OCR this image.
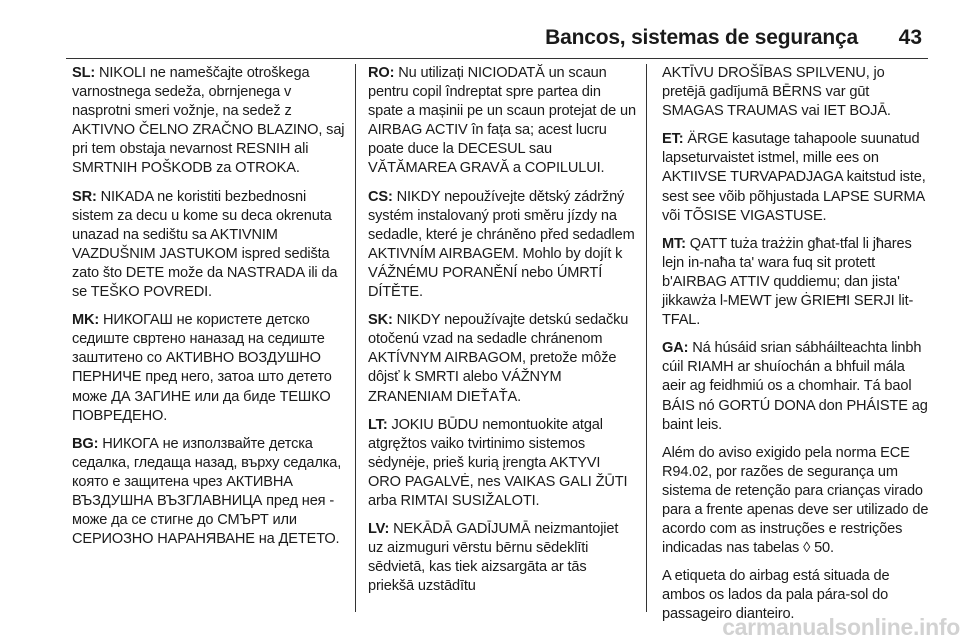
Bancos, sistemas de segurança 43

SL: NIKOLI ne nameščajte otroškega varnostnega sedeža, obrnjenega v nasprotni smeri vožnje, na sedež z AKTIVNO ČELNO ZRAČNO BLAZINO, saj pri tem obstaja nevarnost RESNIH ali SMRTNIH POŠKODB za OTROKA.

SR: NIKADA ne koristiti bezbednosni sistem za decu u kome su deca okrenuta unazad na sedištu sa AKTIVNIM VAZDUŠNIM JASTUKOM ispred sedišta zato što DETE može da NASTRADA ili da se TEŠKO POVREDI.

MK: НИКОГАШ не користете детско седиште свртено наназад на седиште заштитено со АКТИВНО ВОЗДУШНО ПЕРНИЧЕ пред него, затоа што детето може ДА ЗАГИНЕ или да биде ТЕШКО ПОВРЕДЕНО.

BG: НИКОГА не използвайте детска седалка, гледаща назад, върху седалка, която е защитена чрез АКТИВНА ВЪЗДУШНА ВЪЗГЛАВНИЦА пред нея - може да се стигне до СМЪРТ или СЕРИОЗНО НАРАНЯВАНЕ на ДЕТЕТО.

RO: Nu utilizați NICIODATĂ un scaun pentru copil îndreptat spre partea din spate a mașinii pe un scaun protejat de un AIRBAG ACTIV în fața sa; acest lucru poate duce la DECESUL sau VĂTĂMAREA GRAVĂ a COPILULUI.

CS: NIKDY nepoužívejte dětský zádržný systém instalovaný proti směru jízdy na sedadle, které je chráněno před sedadlem AKTIVNÍM AIRBAGEM. Mohlo by dojít k VÁŽNÉMU PORANĚNÍ nebo ÚMRTÍ DÍTĚTE.

SK: NIKDY nepoužívajte detskú sedačku otočenú vzad na sedadle chránenom AKTÍVNYM AIRBAGOM, pretože môže dôjsť k SMRTI alebo VÁŽNYM ZRANENIAM DIEŤAŤA.

LT: JOKIU BŪDU nemontuokite atgal atgręžtos vaiko tvirtinimo sistemos sėdynėje, prieš kurią įrengta AKTYVI ORO PAGALVĖ, nes VAIKAS GALI ŽŪTI arba RIMTAI SUSIŽALOTI.

LV: NEKĀDĀ GADĪJUMĀ neizmantojiet uz aizmuguri vērstu bērnu sēdeklīti sēdvietā, kas tiek aizsargāta ar tās priekšā uzstādītu

AKTĪVU DROŠĪBAS SPILVENU, jo pretējā gadījumā BĒRNS var gūt SMAGAS TRAUMAS vai IET BOJĀ.

ET: ÄRGE kasutage tahapoole suunatud lapseturvaistet istmel, mille ees on AKTIIVSE TURVAPADJAGA kaitstud iste, sest see võib põhjustada LAPSE SURMA või TÕSISE VIGASTUSE.

MT: QATT tuża trażżin għat-tfal li jħares lejn in-naħa ta' wara fuq sit protett b'AIRBAG ATTIV quddiemu; dan jista' jikkawża l-MEWT jew ĠRIEĦI SERJI lit-TFAL.

GA: Ná húsáid srian sábháilteachta linbh cúil RIAMH ar shuíochán a bhfuil mála aeir ag feidhmiú os a chomhair. Tá baol BÁIS nó GORTÚ DONA don PHÁISTE ag baint leis.

Além do aviso exigido pela norma ECE R94.02, por razões de segurança um sistema de retenção para crianças virado para a frente apenas deve ser utilizado de acordo com as instruções e restrições indicadas nas tabelas ◊ 50.

A etiqueta do airbag está situada de ambos os lados da pala pára-sol do passageiro dianteiro.

carmanualsonline.info
